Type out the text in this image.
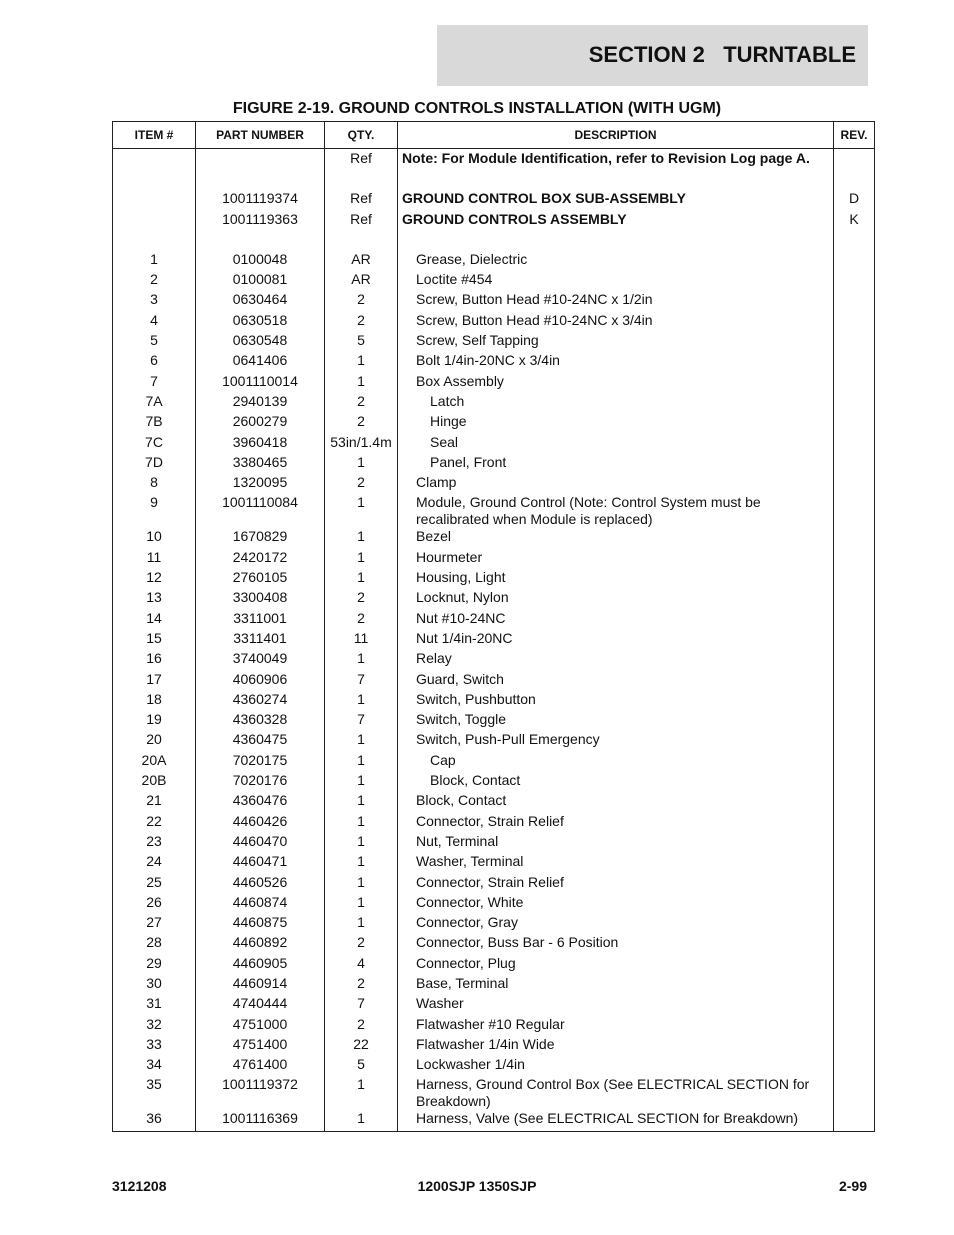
SECTION 2   TURNTABLE
FIGURE 2-19. GROUND CONTROLS INSTALLATION (WITH UGM)
ITEM #	PART NUMBER	QTY.	DESCRIPTION	REV.
		Ref	Note: For Module Identification, refer to Revision Log page A.	

	1001119374	Ref	GROUND CONTROL BOX SUB-ASSEMBLY	D
	1001119363	Ref	GROUND CONTROLS ASSEMBLY	K

1	0100048	AR	Grease, Dielectric	

2	0100081	AR	Loctite #454	

3	0630464	2	Screw, Button Head #10-24NC x 1/2in	

4	0630518	2	Screw, Button Head #10-24NC x 3/4in	

5	0630548	5	Screw, Self Tapping	

6	0641406	1	Bolt 1/4in-20NC x 3/4in	

7	1001110014	1	Box Assembly	

7A	2940139	2	Latch	

7B	2600279	2	Hinge	

7C	3960418	53in/1.4m	Seal	

7D	3380465	1	Panel, Front	

8	1320095	2	Clamp	

9	1001110084	1	Module, Ground Control (Note: Control System must be recalibrated when Module is replaced)	

10	1670829	1	Bezel	

11	2420172	1	Hourmeter	

12	2760105	1	Housing, Light	

13	3300408	2	Locknut, Nylon	

14	3311001	2	Nut #10-24NC	

15	3311401	11	Nut 1/4in-20NC	

16	3740049	1	Relay	

17	4060906	7	Guard, Switch	

18	4360274	1	Switch, Pushbutton	

19	4360328	7	Switch, Toggle	

20	4360475	1	Switch, Push-Pull Emergency	

20A	7020175	1	Cap	

20B	7020176	1	Block, Contact	

21	4360476	1	Block, Contact	

22	4460426	1	Connector, Strain Relief	

23	4460470	1	Nut, Terminal	

24	4460471	1	Washer, Terminal	

25	4460526	1	Connector, Strain Relief	

26	4460874	1	Connector, White	

27	4460875	1	Connector, Gray	

28	4460892	2	Connector, Buss Bar - 6 Position	

29	4460905	4	Connector, Plug	

30	4460914	2	Base, Terminal	

31	4740444	7	Washer	

32	4751000	2	Flatwasher #10 Regular	

33	4751400	22	Flatwasher 1/4in Wide	

34	4761400	5	Lockwasher 1/4in	

35	1001119372	1	Harness, Ground Control Box (See ELECTRICAL SECTION for Breakdown)	

36	1001116369	1	Harness, Valve (See ELECTRICAL SECTION for Breakdown)	

3121208	1200SJP 1350SJP	2-99
